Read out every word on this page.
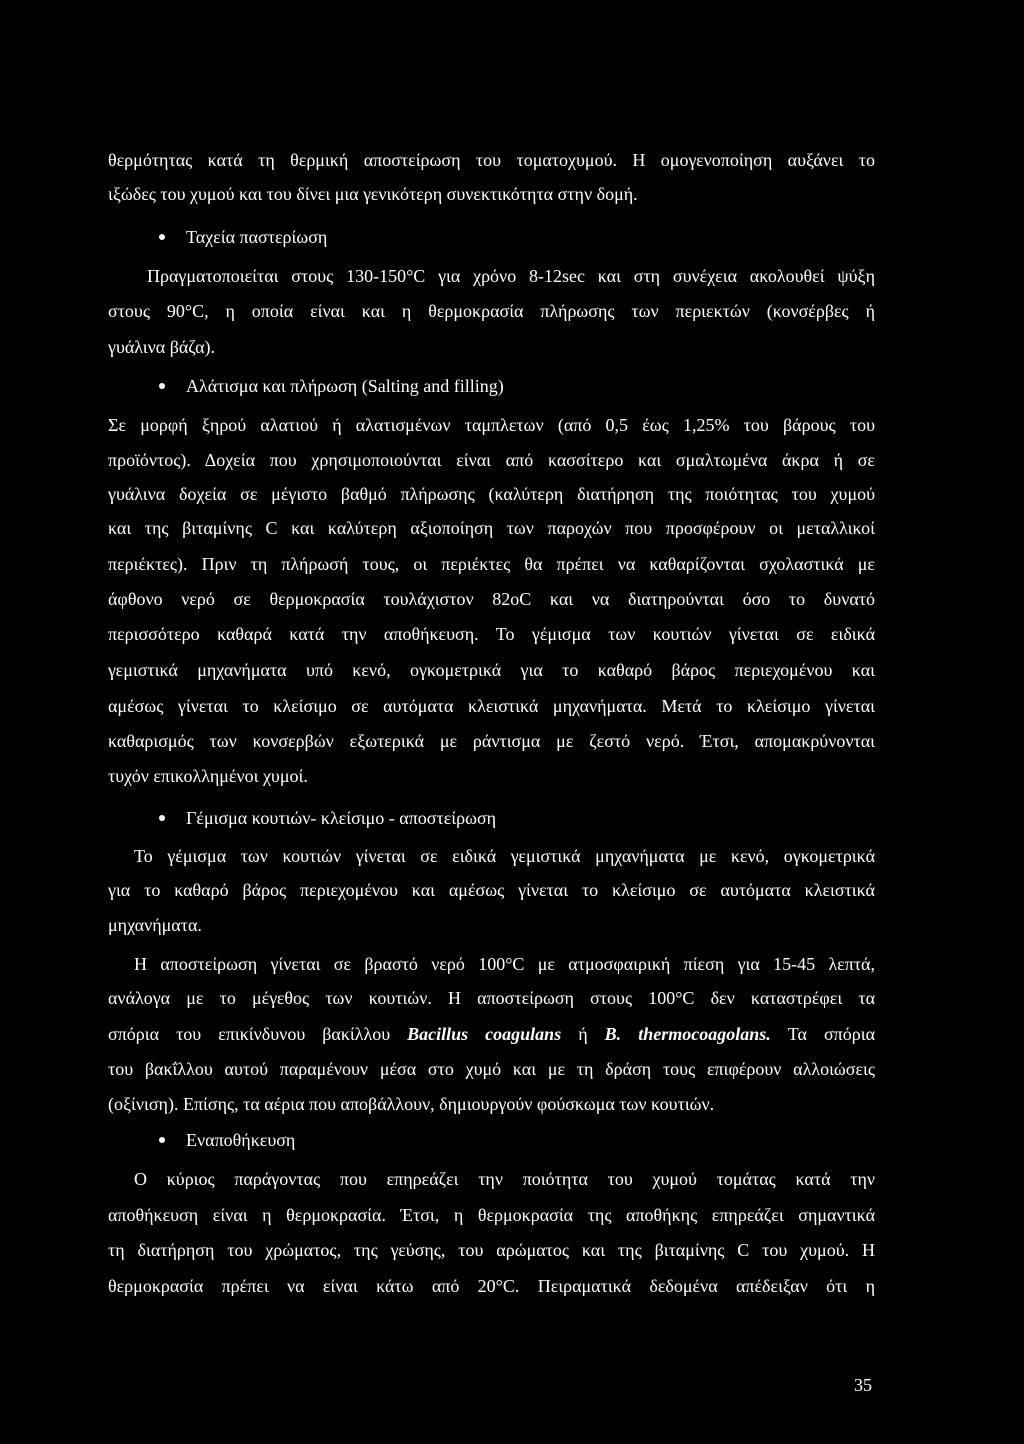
θερμότητας κατά τη θερμική αποστείρωση του τοματοχυμού. Η ομογενοποίηση αυξάνει το
ιξώδες του χυμού και του δίνει μια γενικότερη συνεκτικότητα στην δομή.
Ταχεία παστερίωση
Πραγματοποιείται στους 130-150°C για χρόνο 8-12sec και στη συνέχεια ακολουθεί ψύξη
στους 90°C, η οποία είναι και η θερμοκρασία πλήρωσης των περιεκτών (κονσέρβες ή
γυάλινα βάζα).
Αλάτισμα και πλήρωση (Salting and filling)
Σε μορφή ξηρού αλατιού ή αλατισμένων ταμπλετων (από 0,5 έως 1,25% του βάρους του
προϊόντος). Δοχεία που χρησιμοποιούνται είναι από κασσίτερο και σμαλτωμένα άκρα ή σε
γυάλινα δοχεία σε μέγιστο βαθμό πλήρωσης (καλύτερη διατήρηση της ποιότητας του χυμού
και της βιταμίνης C και καλύτερη αξιοποίηση των παροχών που προσφέρουν οι μεταλλικοί
περιέκτες). Πριν τη πλήρωσή τους, οι περιέκτες θα πρέπει να καθαρίζονται σχολαστικά με
άφθονο νερό σε θερμοκρασία τουλάχιστον 82oC και να διατηρούνται όσο το δυνατό
περισσότερο καθαρά κατά την αποθήκευση. Το γέμισμα των κουτιών γίνεται σε ειδικά
γεμιστικά μηχανήματα υπό κενό, ογκομετρικά για το καθαρό βάρος περιεχομένου και
αμέσως γίνεται το κλείσιμο σε αυτόματα κλειστικά μηχανήματα. Μετά το κλείσιμο γίνεται
καθαρισμός των κονσερβών εξωτερικά με ράντισμα με ζεστό νερό. Έτσι, απομακρύνονται
τυχόν επικολλημένοι χυμοί.
Γέμισμα κουτιών- κλείσιμο - αποστείρωση
Το γέμισμα των κουτιών γίνεται σε ειδικά γεμιστικά μηχανήματα με κενό, ογκομετρικά
για το καθαρό βάρος περιεχομένου και αμέσως γίνεται το κλείσιμο σε αυτόματα κλειστικά
μηχανήματα.
Η αποστείρωση γίνεται σε βραστό νερό 100°C με ατμοσφαιρική πίεση για 15-45 λεπτά,
ανάλογα με το μέγεθος των κουτιών. Η αποστείρωση στους 100°C δεν καταστρέφει τα
σπόρια του επικίνδυνου βακίλλου Bacillus coagulans ή B. thermocoagolans. Τα σπόρια
του βακΐλλου αυτού παραμένουν μέσα στο χυμό και με τη δράση τους επιφέρουν αλλοιώσεις
(οξίνιση). Επίσης, τα αέρια που αποβάλλουν, δημιουργούν φούσκωμα των κουτιών.
Εναποθήκευση
Ο κύριος παράγοντας που επηρεάζει την ποιότητα του χυμού τομάτας κατά την
αποθήκευση είναι η θερμοκρασία. Έτσι, η θερμοκρασία της αποθήκης επηρεάζει σημαντικά
τη διατήρηση του χρώματος, της γεύσης, του αρώματος και της βιταμίνης C του χυμού. Η
θερμοκρασία πρέπει να είναι κάτω από 20°C. Πειραματικά δεδομένα απέδειξαν ότι η
35
